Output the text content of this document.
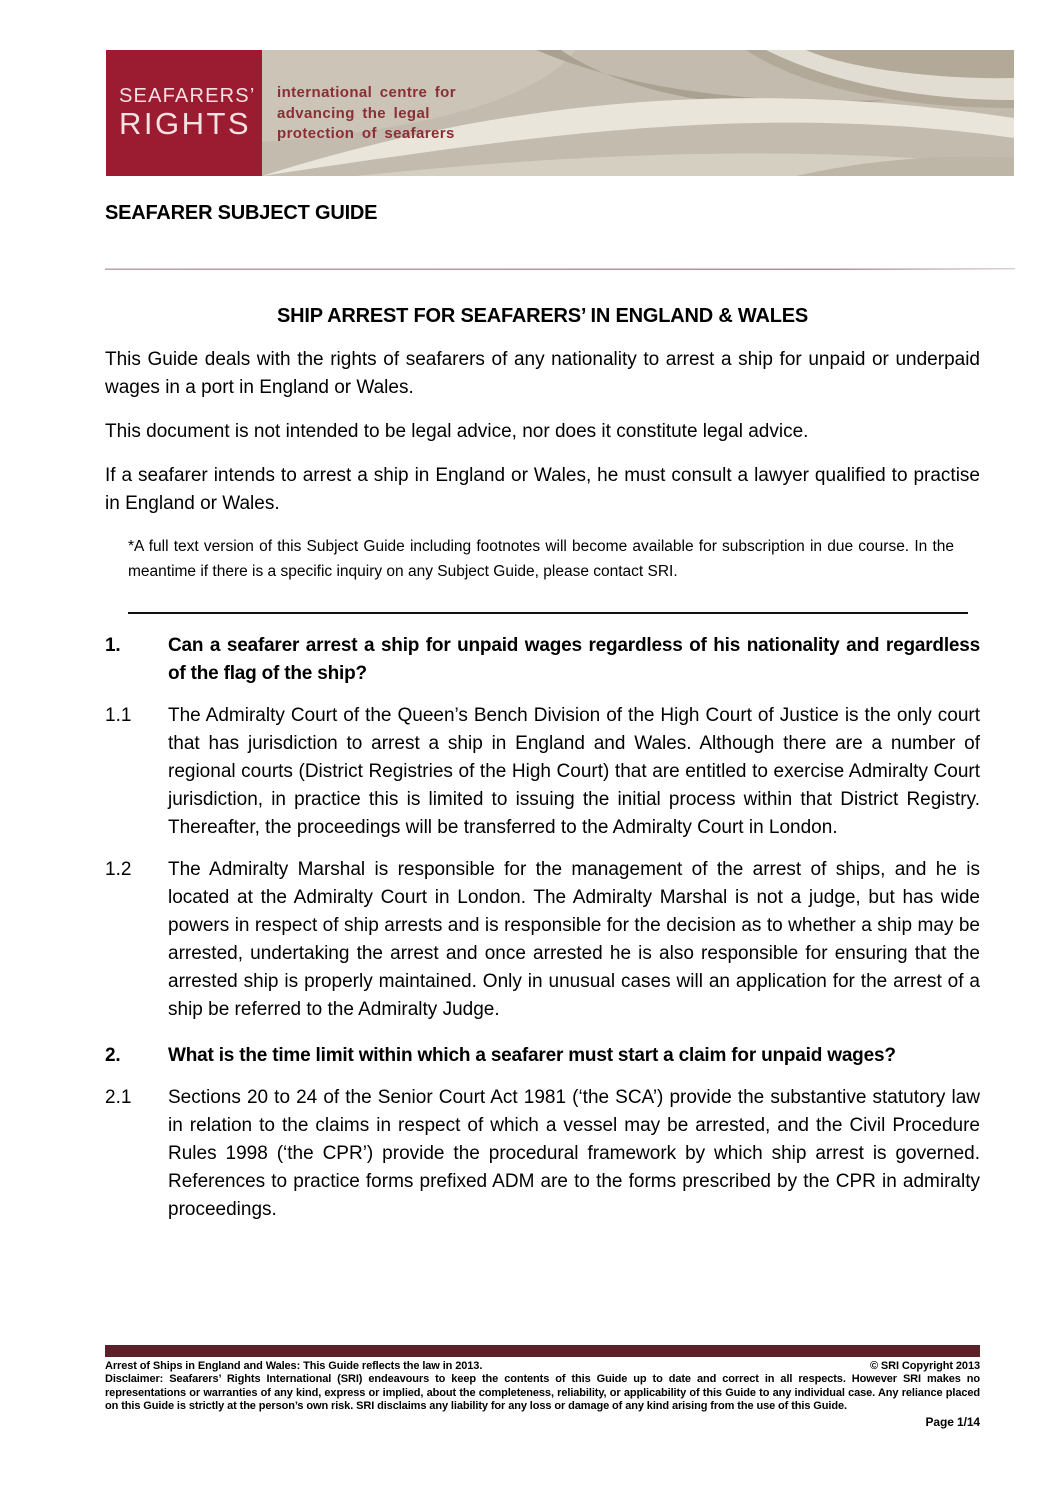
SEAFARERS’
RIGHTS
international centre for
advancing the legal
protection of seafarers
SEAFARER SUBJECT GUIDE
SHIP ARREST FOR SEAFARERS’ IN ENGLAND & WALES

This Guide deals with the rights of seafarers of any nationality to arrest a ship for unpaid or underpaid wages in a port in England or Wales.

This document is not intended to be legal advice, nor does it constitute legal advice.

If a seafarer intends to arrest a ship in England or Wales, he must consult a lawyer qualified to practise in England or Wales.

*A full text version of this Subject Guide including footnotes will become available for subscription in due course. In the meantime if there is a specific inquiry on any Subject Guide, please contact SRI.

1.	Can a seafarer arrest a ship for unpaid wages regardless of his nationality and regardless of the flag of the ship?
1.1	The Admiralty Court of the Queen’s Bench Division of the High Court of Justice is the only court that has jurisdiction to arrest a ship in England and Wales. Although there are a number of regional courts (District Registries of the High Court) that are entitled to exercise Admiralty Court jurisdiction, in practice this is limited to issuing the initial process within that District Registry. Thereafter, the proceedings will be transferred to the Admiralty Court in London.
1.2	The Admiralty Marshal is responsible for the management of the arrest of ships, and he is located at the Admiralty Court in London. The Admiralty Marshal is not a judge, but has wide powers in respect of ship arrests and is responsible for the decision as to whether a ship may be arrested, undertaking the arrest and once arrested he is also responsible for ensuring that the arrested ship is properly maintained. Only in unusual cases will an application for the arrest of a ship be referred to the Admiralty Judge.
2.	What is the time limit within which a seafarer must start a claim for unpaid wages?
2.1	Sections 20 to 24 of the Senior Court Act 1981 (‘the SCA’) provide the substantive statutory law in relation to the claims in respect of which a vessel may be arrested, and the Civil Procedure Rules 1998 (‘the CPR’) provide the procedural framework by which ship arrest is governed. References to practice forms prefixed ADM are to the forms prescribed by the CPR in admiralty proceedings.
Arrest of Ships in England and Wales: This Guide reflects the law in 2013.	© SRI Copyright 2013
Disclaimer: Seafarers’ Rights International (SRI) endeavours to keep the contents of this Guide up to date and correct in all respects. However SRI makes no representations or warranties of any kind, express or implied, about the completeness, reliability, or applicability of this Guide to any individual case. Any reliance placed on this Guide is strictly at the person’s own risk. SRI disclaims any liability for any loss or damage of any kind arising from the use of this Guide.
Page 1/14
